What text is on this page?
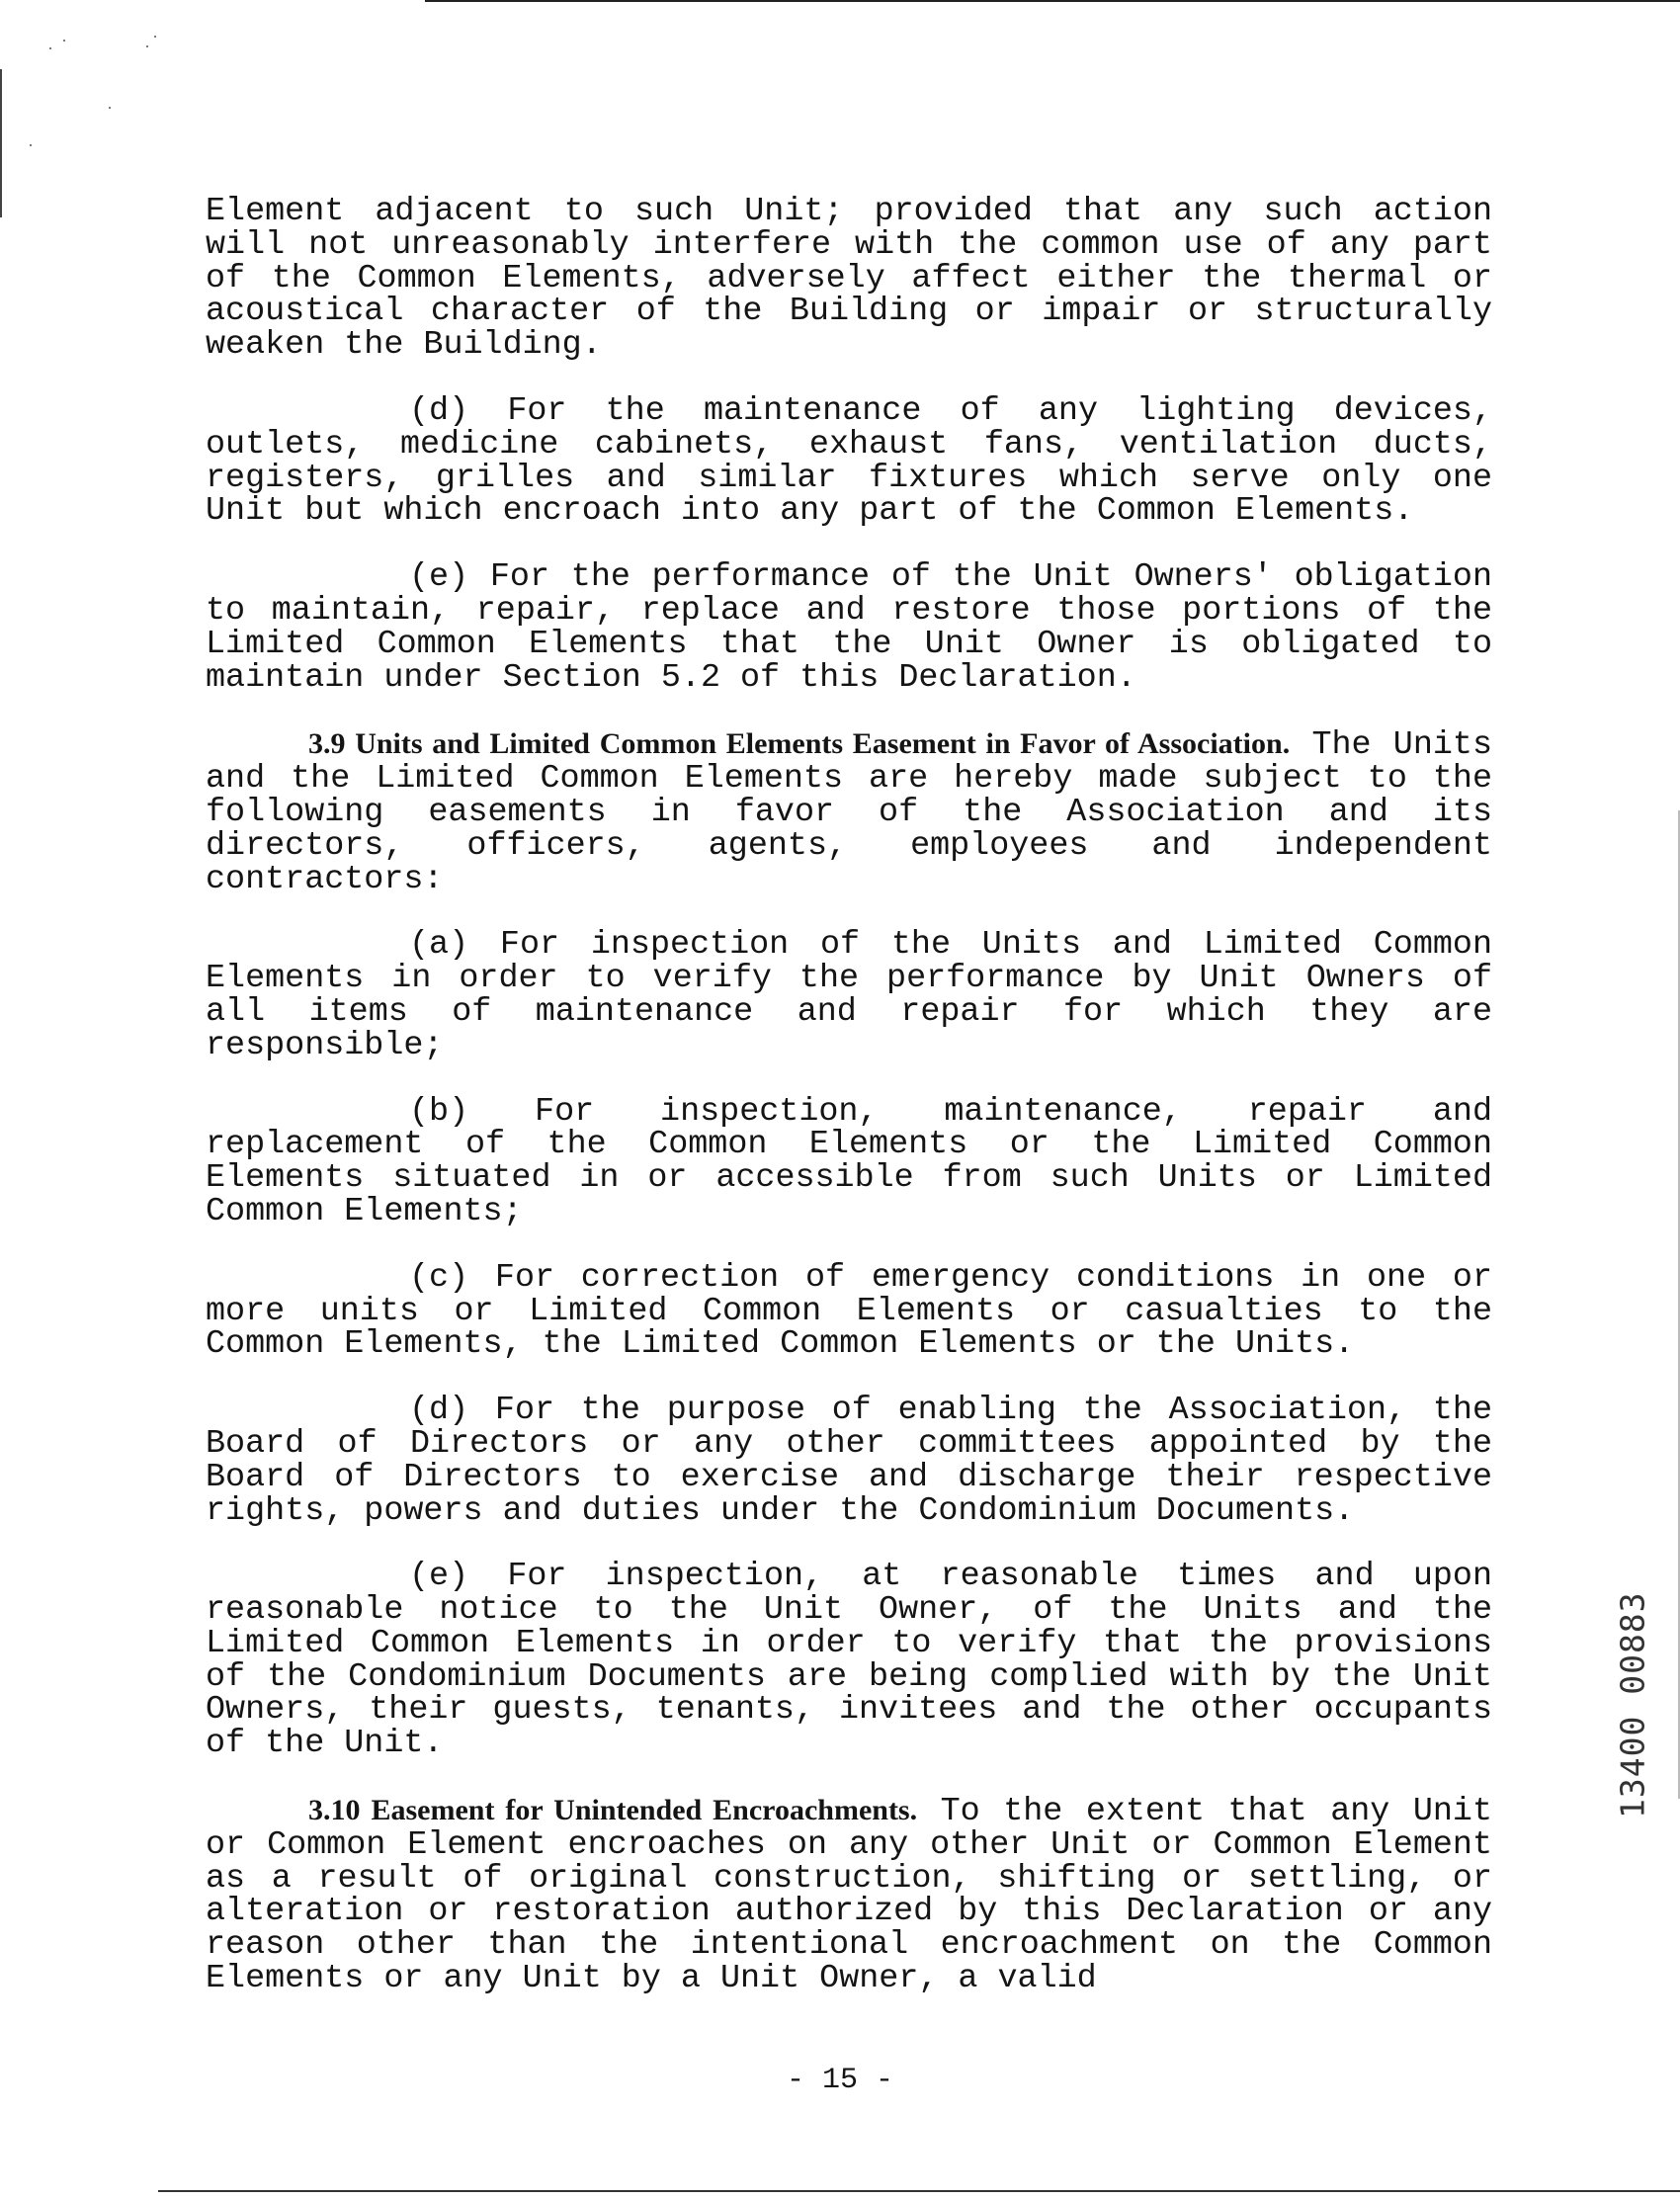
Element adjacent to such Unit; provided that any such action will not unreasonably interfere with the common use of any part of the Common Elements, adversely affect either the thermal or acoustical character of the Building or impair or structurally weaken the Building.

(d) For the maintenance of any lighting devices, outlets, medicine cabinets, exhaust fans, ventilation ducts, registers, grilles and similar fixtures which serve only one Unit but which encroach into any part of the Common Elements.

(e) For the performance of the Unit Owners' obligation to maintain, repair, replace and restore those portions of the Limited Common Elements that the Unit Owner is obligated to maintain under Section 5.2 of this Declaration.

3.9 Units and Limited Common Elements Easement in Favor of Association. The Units and the Limited Common Elements are hereby made subject to the following easements in favor of the Association and its directors, officers, agents, employees and independent contractors:

(a) For inspection of the Units and Limited Common Elements in order to verify the performance by Unit Owners of all items of maintenance and repair for which they are responsible;

(b) For inspection, maintenance, repair and replacement of the Common Elements or the Limited Common Elements situated in or accessible from such Units or Limited Common Elements;

(c) For correction of emergency conditions in one or more units or Limited Common Elements or casualties to the Common Elements, the Limited Common Elements or the Units.

(d) For the purpose of enabling the Association, the Board of Directors or any other committees appointed by the Board of Directors to exercise and discharge their respective rights, powers and duties under the Condominium Documents.

(e) For inspection, at reasonable times and upon reasonable notice to the Unit Owner, of the Units and the Limited Common Elements in order to verify that the provisions of the Condominium Documents are being complied with by the Unit Owners, their guests, tenants, invitees and the other occupants of the Unit.

3.10 Easement for Unintended Encroachments. To the extent that any Unit or Common Element encroaches on any other Unit or Common Element as a result of original construction, shifting or settling, or alteration or restoration authorized by this Declaration or any reason other than the intentional encroachment on the Common Elements or any Unit by a Unit Owner, a valid

- 15 -
13400 00883
